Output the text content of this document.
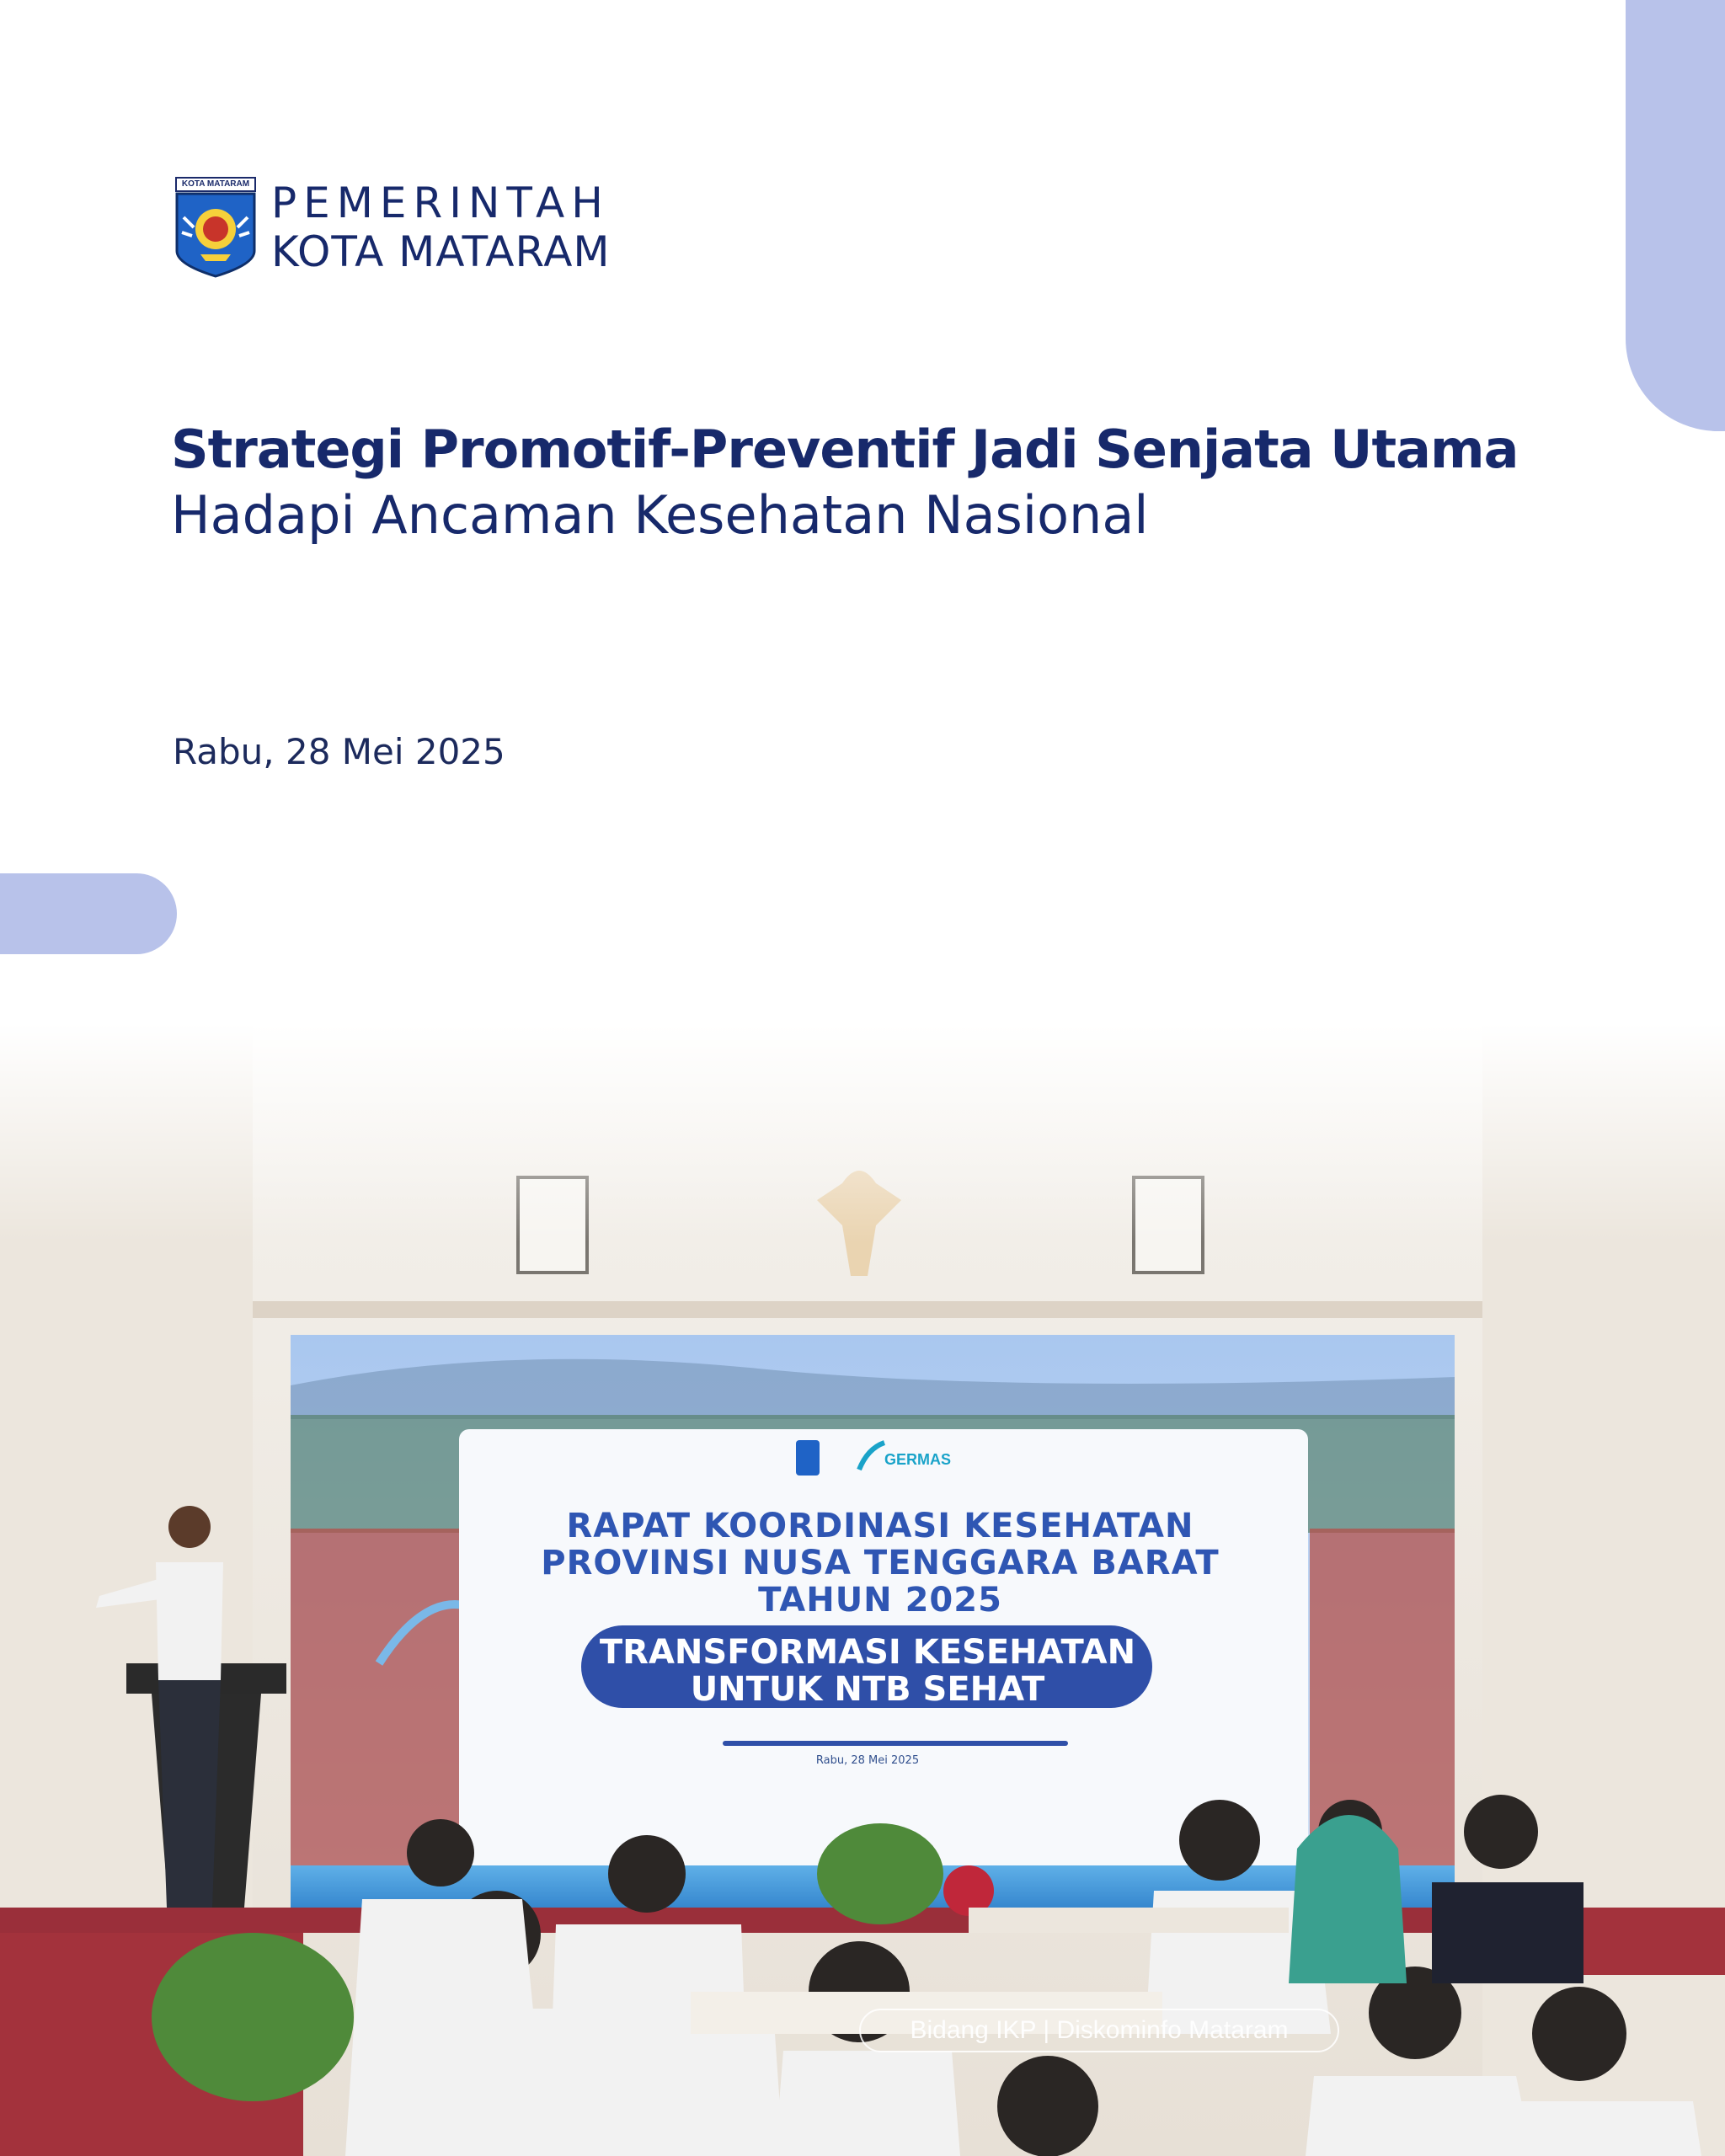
KOTA MATARAM PEMERINTAH
KOTA MATARAM
Strategi Promotif-Preventif Jadi Senjata Utama
Hadapi Ancaman Kesehatan Nasional
Rabu, 28 Mei 2025
GERMAS
RAPAT KOORDINASI KESEHATAN
PROVINSI NUSA TENGGARA BARAT
TAHUN 2025
TRANSFORMASI KESEHATAN
UNTUK NTB SEHAT
Rabu, 28 Mei 2025
Bidang IKP | Diskominfo Mataram
